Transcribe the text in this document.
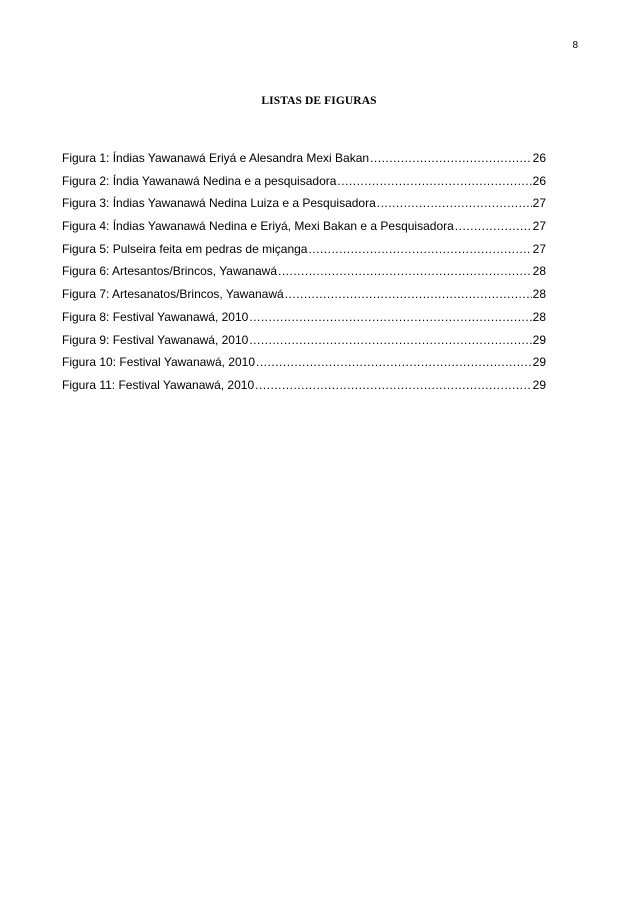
8
LISTAS DE FIGURAS
Figura 1: Índias Yawanawá Eriyá e Alesandra Mexi Bakan .....	26
Figura 2: Índia Yawanawá Nedina e a pesquisadora .....	26
Figura 3: Índias Yawanawá Nedina Luiza e a Pesquisadora .....	27
Figura 4: Índias Yawanawá Nedina e Eriyá, Mexi Bakan e a Pesquisadora .....	27
Figura 5: Pulseira feita em pedras de miçanga .....	27
Figura 6: Artesantos/Brincos, Yawanawá .....	28
Figura 7: Artesanatos/Brincos, Yawanawá .....	28
Figura 8: Festival Yawanawá, 2010 .....	28
Figura 9: Festival Yawanawá, 2010 .....	29
Figura 10: Festival Yawanawá, 2010 .....	29
Figura 11: Festival Yawanawá, 2010 .....	29
